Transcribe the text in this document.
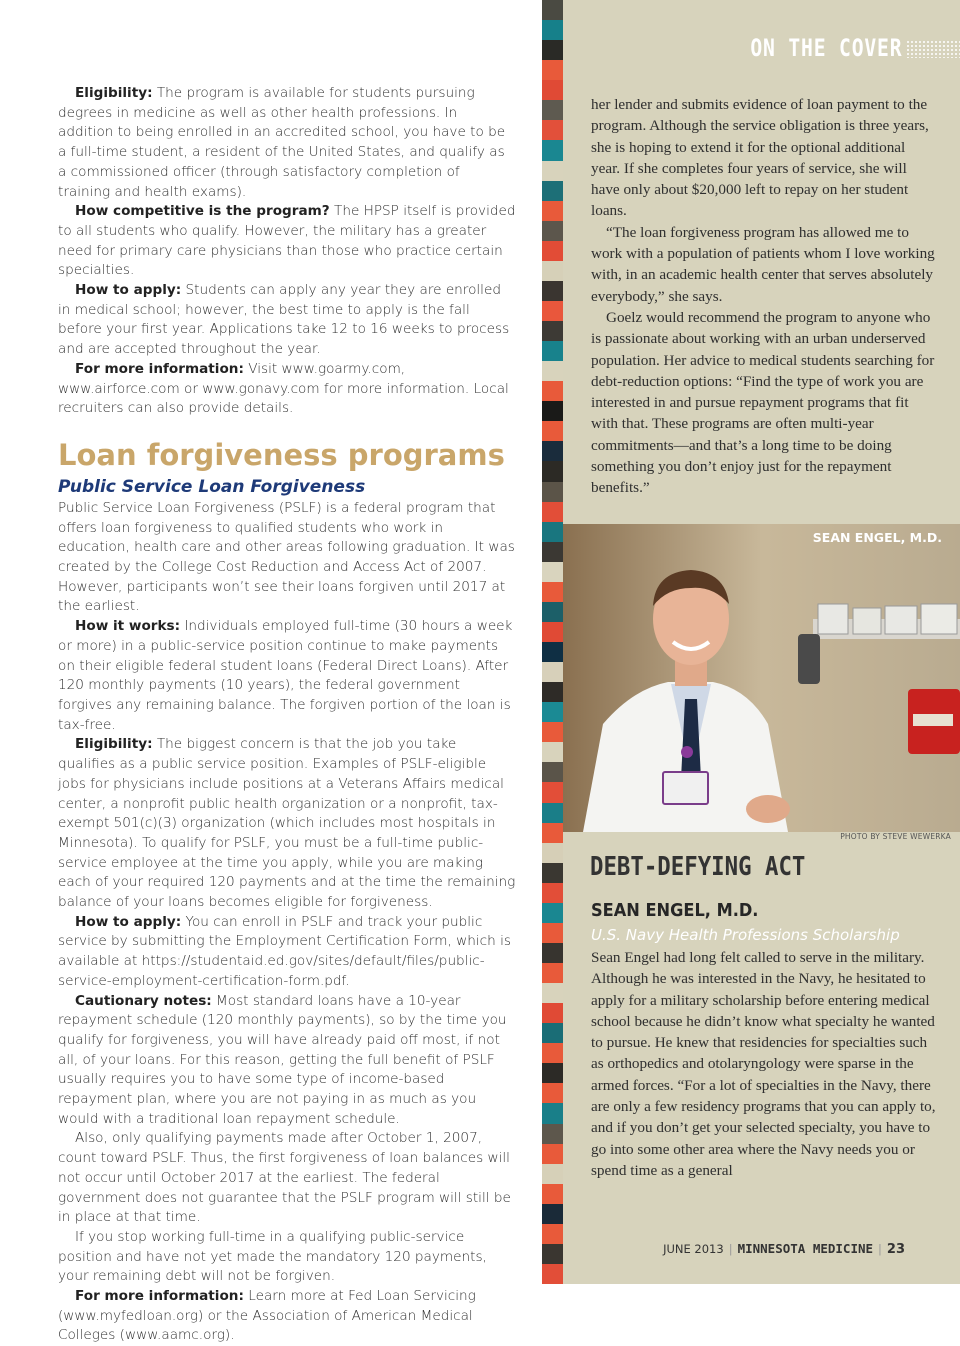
Eligibility: The program is available for students pursuing degrees in medicine as well as other health professions. In addition to being enrolled in an accredited school, you have to be a full-time student, a resident of the United States, and qualify as a commissioned officer (through satisfactory completion of training and health exams).

How competitive is the program? The HPSP itself is provided to all students who qualify. However, the military has a greater need for primary care physicians than those who practice certain specialties.

How to apply: Students can apply any year they are enrolled in medical school; however, the best time to apply is the fall before your first year. Applications take 12 to 16 weeks to process and are accepted throughout the year.

For more information: Visit www.goarmy.com, www.airforce.com or www.gonavy.com for more information. Local recruiters can also provide details.

Loan forgiveness programs
Public Service Loan Forgiveness

Public Service Loan Forgiveness (PSLF) is a federal program that offers loan forgiveness to qualified students who work in education, health care and other areas following graduation. It was created by the College Cost Reduction and Access Act of 2007. However, participants won’t see their loans forgiven until 2017 at the earliest.

How it works: Individuals employed full-time (30 hours a week or more) in a public-service position continue to make payments on their eligible federal student loans (Federal Direct Loans). After 120 monthly payments (10 years), the federal government forgives any remaining balance. The forgiven portion of the loan is tax-free.

Eligibility: The biggest concern is that the job you take qualifies as a public service position. Examples of PSLF-eligible jobs for physicians include positions at a Veterans Affairs medical center, a nonprofit public health organization or a nonprofit, tax-exempt 501(c)(3) organization (which includes most hospitals in Minnesota). To qualify for PSLF, you must be a full-time public-service employee at the time you apply, while you are making each of your required 120 payments and at the time the remaining balance of your loans becomes eligible for forgiveness.

How to apply: You can enroll in PSLF and track your public service by submitting the Employment Certification Form, which is available at https://studentaid.ed.gov/sites/default/files/public-service-employment-certification-form.pdf.

Cautionary notes: Most standard loans have a 10-year repayment schedule (120 monthly payments), so by the time you qualify for forgiveness, you will have already paid off most, if not all, of your loans. For this reason, getting the full benefit of PSLF usually requires you to have some type of income-based repayment plan, where you are not paying in as much as you would with a traditional loan repayment schedule.

Also, only qualifying payments made after October 1, 2007, count toward PSLF. Thus, the first forgiveness of loan balances will not occur until October 2017 at the earliest. The federal government does not guarantee that the PSLF program will still be in place at that time.

If you stop working full-time in a qualifying public-service position and have not yet made the mandatory 120 payments, your remaining debt will not be forgiven.

For more information: Learn more at Fed Loan Servicing (www.myfedloan.org) or the Association of American Medical Colleges (www.aamc.org).

ON THE COVER

her lender and submits evidence of loan payment to the program. Although the service obligation is three years, she is hoping to extend it for the optional additional year. If she completes four years of service, she will have only about $20,000 left to repay on her student loans.

“The loan forgiveness program has allowed me to work with a population of patients whom I love working with, in an academic health center that serves absolutely everybody,” she says.

Goelz would recommend the program to anyone who is passionate about working with an urban underserved population. Her advice to medical students searching for debt-reduction options: “Find the type of work you are interested in and pursue repayment programs that fit with that. These programs are often multi-year commitments—and that’s a long time to be doing something you don’t enjoy just for the repayment benefits.”

SEAN ENGEL, M.D.
PHOTO BY STEVE WEWERKA
DEBT-DEFYING ACT
SEAN ENGEL, M.D.
U.S. Navy Health Professions Scholarship

Sean Engel had long felt called to serve in the military. Although he was interested in the Navy, he hesitated to apply for a military scholarship before entering medical school because he didn’t know what specialty he wanted to pursue. He knew that residencies for specialties such as orthopedics and otolaryngology were sparse in the armed forces. “For a lot of specialties in the Navy, there are only a few residency programs that you can apply to, and if you don’t get your selected specialty, you have to go into some other area where the Navy needs you or spend time as a general

JUNE 2013 | MINNESOTA MEDICINE | 23
